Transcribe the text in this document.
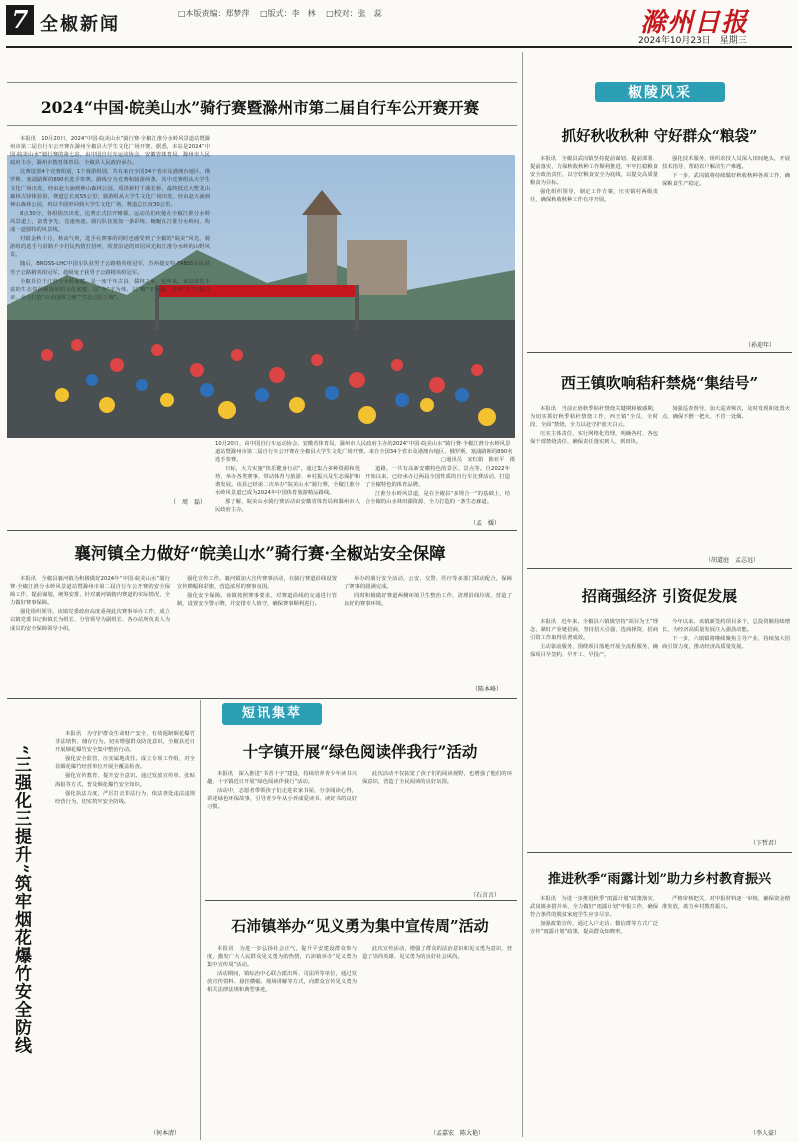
7 全椒新闻
□本版责编：郑梦萍 □版式：李　林 □校对：张　蕊	滁州日报
2024年10月23日 星期三
2024“中国·皖美山水”骑行赛暨滁州市第二届自行车公开赛开赛
10月20日，由中国自行车运动协会、安徽省体育局、滁州市人民政府主办的2024“中国·皖美山水”骑行赛·全椒江淮分水岭风景道站暨滁州市第二届自行车公开赛在全椒县大学生文化广场开赛。来自全国34个省市及港澳台地区、俄罗斯、塞浦路斯的890名选手参赛。	□通讯员　宋红娟　陈亚平　摄

本报讯　10月20日，2024“中国·皖美山水”骑行赛·全椒江淮分水岭风景道站暨滁州市第二届自行车公开赛在滁州全椒县大学生文化广场开赛。据悉，本站是2024“中国·皖美山水”骑行赛的第七站，由中国自行车运动协会、安徽省体育局、滁州市人民政府主办，滁州市教育体育局、全椒县人民政府承办。

比赛设置4个竞赛组别，1个骑游组别，共有来自全国34个省市及港澳台地区、俄罗斯、塞浦路斯的890名选手参赛。路线分为竞赛和骑游两条，其中竞赛组从大学生文化广场出发，经由赵大涵到神山森林公园，周泽新村千湖长桥，最终抵达大墅龙山森林古驿体验馆，赛道总长度55公里；骑游组从大学生文化广场出发，经由赵大涵到神山森林公园，再以半圆形回到大学生文化广场，赛道总长度30公里。

8点30分，各组依次出发，比赛正式拉开帷幕。运动员们疾驰在全椒江淮分水岭风景道上，奋勇争先、竞速角逐。骑行队伍犹如一条彩练，蜿蜒在江淮分水岭间，构成一道独特的风景线。

村镇金秋十月，秋高气爽，选手在赛事的同时也感受到了全椒的“皖美”风光，骑游组的选手与沿路不少村民热情打招呼，欣赏沿途的田园风光和江淮分水岭的山野风景。

随后，BROSS-LHC中国车队获男子公路精英组冠军，苏州捷安特-FABSS车队获男子公路精英组冠军，超级兔子获男子公路精英组冠军。

全椒县位于江淮分水岭南麓，是一座千年古县、儒林之乡。近年来，该县依托丰富的生态资源和深厚的文化底蕴，以“全”字为体，以“椒”字为魂，围绕“全”字做文章，全力打造“山水园林之城”“生态宜居之城”。

日标，大力实施“快乐健身行动”，通过集合多种资源和优势，举办各类赛事，带动体育与旅游、乡村振兴及生态保护和谐发展。该县已经第二次举办“皖美山水”骑行赛，全椒江淮分水岭风景道已成为2024年中国体育旅游精品路线。

那了解，皖美山水骑行赛活动由安徽省体育局和滁州市人民政府主办。

道路，一共有高新安徽特色的景区、景点等。自2022年开始以来，已经承办过两届全国性质的自行车比赛活动，打造了全椒特色的体育品牌。

江淮分水岭风景道，是在全椒县“多规合一”的基础上，结合全椒的山水林田湖资源，全力打造的一条生态廊道。

（孟　媛）
（　周　磊）
襄河镇全力做好“皖美山水”骑行赛·全椒站安全保障

本报讯　全椒县襄河镇为积极做好2024年“中国·皖美山水”骑行赛·全椒江淮分水岭风景道站暨滁州市第二届自行车公开赛的安全保障工作，提前谋划，统筹安排，针对襄河镇辖内赛道的实际情况，全力做好赛事保障。

强化组织领导。该镇党委政府高度重视此次赛事举办工作，成立以镇党委书记和镇长为组长、分管领导为副组长、各办站所负责人为成员的安全保障领导小组。

强化宣传工作。襄河镇加大宣传赛事活动，在骑行赛道沿线设置宣传横幅和彩旗，营造浓厚的赛事氛围。

强化安全保障。该镇按照赛事要求，对赛道沿线的交通进行管制，设置安全警示牌，并安排专人值守，确保赛事顺利进行。

举办的骑行安全活动，公安、交警、医疗等多部门联动配合，保障了赛事的圆满完成。

同时积极做好赛道两侧环境卫生整治工作，清理沿线垃圾，营造了良好的赛事环境。

（陈本峰）
短讯集萃
“三强化三提升”筑牢烟花爆竹安全防线

本报讯　为守护群众生命财产安全，有效遏制烟花爆竹非法销售、储存行为，切实增强群众防范意识，全椒县近日开展烟花爆竹安全集中整治行动。

强化安全监管，压实属地责任。成立专项工作组，对全县烟花爆竹经营单位开展全覆盖检查。

强化宣传教育，提升安全意识。通过发放宣传单、张贴海报等方式，普及烟花爆竹安全知识。

强化执法力度，严厉打击非法行为，依法查处违法违规经营行为，切实筑牢安全防线。

（何本清）
十字镇开展“绿色阅读伴我行”活动

本报讯　深入推进“书香十字”建设，持续培养青少年读书兴趣，十字镇近日开展“绿色阅读伴我行”活动。

活动中，志愿者带领孩子们走进农家书屋，分享阅读心得，讲述绿色环保故事，引导青少年从小养成爱读书、读好书的良好习惯。

此次活动不仅拓宽了孩子们的阅读视野，也增强了他们的环保意识，营造了全民阅读的良好氛围。

（石言言）
石沛镇举办“见义勇为集中宣传周”活动

本报讯　为进一步弘扬社会正气，提升平安建设群众参与度，激发广大人民群众见义勇为的热情，石沛镇举办“见义勇为集中宣传周”活动。

活动期间，镇综治中心联合派出所、司法所等单位，通过发放宣传资料、悬挂横幅、现场讲解等方式，向群众宣传见义勇为相关法律法规和典型事迹。

此次宣传活动，增强了群众的法治意识和见义勇为意识，营造了崇尚英雄、见义勇为的良好社会风尚。

（孟嘉宏　陈大艳）
椒陵风采
抓好秋收秋种 守好群众“粮袋”

本报讯　全椒县武岗镇坚持提前谋划、提前部署、提前落实，力保秋收秋种工作顺利推进，牢牢扛稳粮食安全政治责任，以守好粮食安全为底线，以提交高质量粮食为目标。

强化组织领导，制定工作方案，压实镇村两级责任，确保秋收秋种工作有序开展。

强化技术服务，组织农技人员深入田间地头，开展技术指导，帮助农户解决生产难题。

下一步，武岗镇将持续做好秋收秋种各项工作，确保粮食生产稳定。

（孙迎年）
西王镇吹响秸秆禁烧“集结号”

本报讯　当前正值秋季秸秆禁烧关键期和敏感期，为切实抓好秋季秸秆禁烧工作，西王镇“全员、全时段、全面”禁烧，全力以赴守护蓝天白云。

压实主体责任，实行网格化管理，明确各村、各包保干部禁烧责任，确保责任落实到人、到田块。

加强巡查督导，加大巡查频次，及时发现和处置火点，确保不燃一把火、不冒一处烟。

（胡道庭　孟志远）
招商强经济 引资促发展

本报讯　近年来，全椒县六镇镇坚持“项目为王”理念，紧盯产业链招商，坚持招大引强、选商择资，招商引资工作取得显著成效。

主动靠前服务，围绕项目落地开展全流程服务，确保项目早签约、早开工、早投产。

今年以来，该镇新签约项目多个，总投资额持续增长，为经济高质量发展注入强劲动能。

下一步，六镇镇将继续聚焦主导产业，持续加大招商引资力度，推动经济高质量发展。

（卞哲君）
推进秋季“雨露计划”助力乡村教育振兴

本报讯　为进一步推进秋季“雨露计划”政策落实，武岗镇多措并举，全力做好“雨露计划”申报工作，确保符合条件的脱贫家庭学生应享尽享。

加强政策宣传，通过入户走访、微信群等方式广泛宣传“雨露计划”政策，提高群众知晓率。

严格审核把关，对申报材料逐一审核，确保资金精准发放，助力乡村教育振兴。

（李人豪）
